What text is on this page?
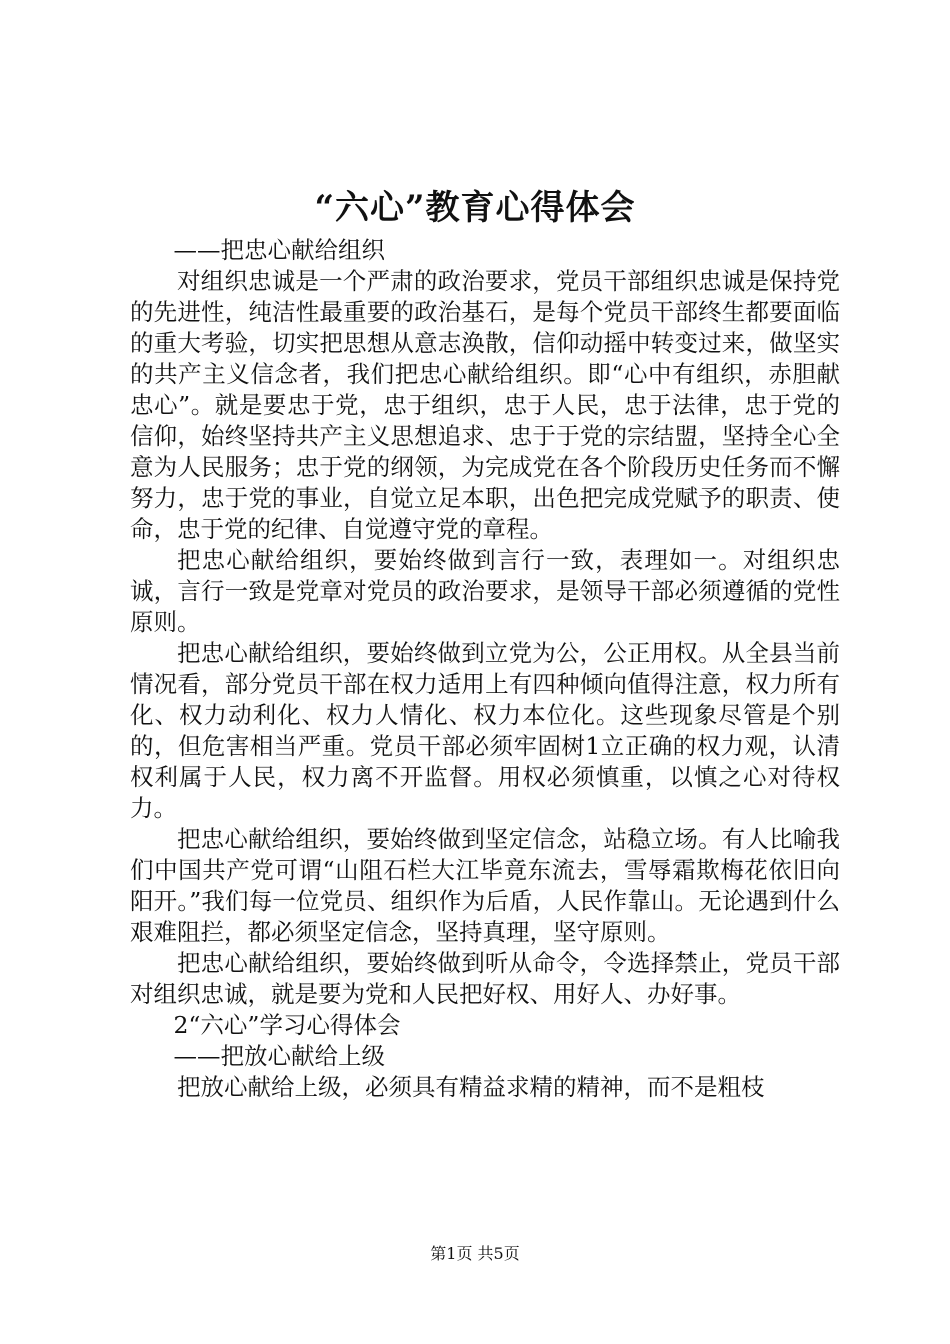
“六心”教育心得体会

——把忠心献给组织

对组织忠诚是一个严肃的政治要求，党员干部组织忠诚是保持党的先进性，纯洁性最重要的政治基石，是每个党员干部终生都要面临的重大考验，切实把思想从意志涣散，信仰动摇中转变过来，做坚实的共产主义信念者，我们把忠心献给组织。即“心中有组织，赤胆献忠心”。就是要忠于党，忠于组织，忠于人民，忠于法律，忠于党的信仰，始终坚持共产主义思想追求、忠于于党的宗结盟，坚持全心全意为人民服务；忠于党的纲领，为完成党在各个阶段历史任务而不懈努力，忠于党的事业，自觉立足本职，出色把完成党赋予的职责、使命，忠于党的纪律、自觉遵守党的章程。

把忠心献给组织，要始终做到言行一致，表理如一。对组织忠诚，言行一致是党章对党员的政治要求，是领导干部必须遵循的党性原则。

把忠心献给组织，要始终做到立党为公，公正用权。从全县当前情况看，部分党员干部在权力适用上有四种倾向值得注意，权力所有化、权力动利化、权力人情化、权力本位化。这些现象尽管是个别的，但危害相当严重。党员干部必须牢固树1立正确的权力观，认清权利属于人民，权力离不开监督。用权必须慎重，以慎之心对待权力。

把忠心献给组织，要始终做到坚定信念，站稳立场。有人比喻我们中国共产党可谓“山阻石栏大江毕竟东流去，雪辱霜欺梅花依旧向阳开。”我们每一位党员、组织作为后盾，人民作靠山。无论遇到什么艰难阻拦，都必须坚定信念，坚持真理，坚守原则。

把忠心献给组织，要始终做到听从命令，令选择禁止，党员干部对组织忠诚，就是要为党和人民把好权、用好人、办好事。

2“六心”学习心得体会

——把放心献给上级

把放心献给上级，必须具有精益求精的精神，而不是粗枝

第1页 共5页
